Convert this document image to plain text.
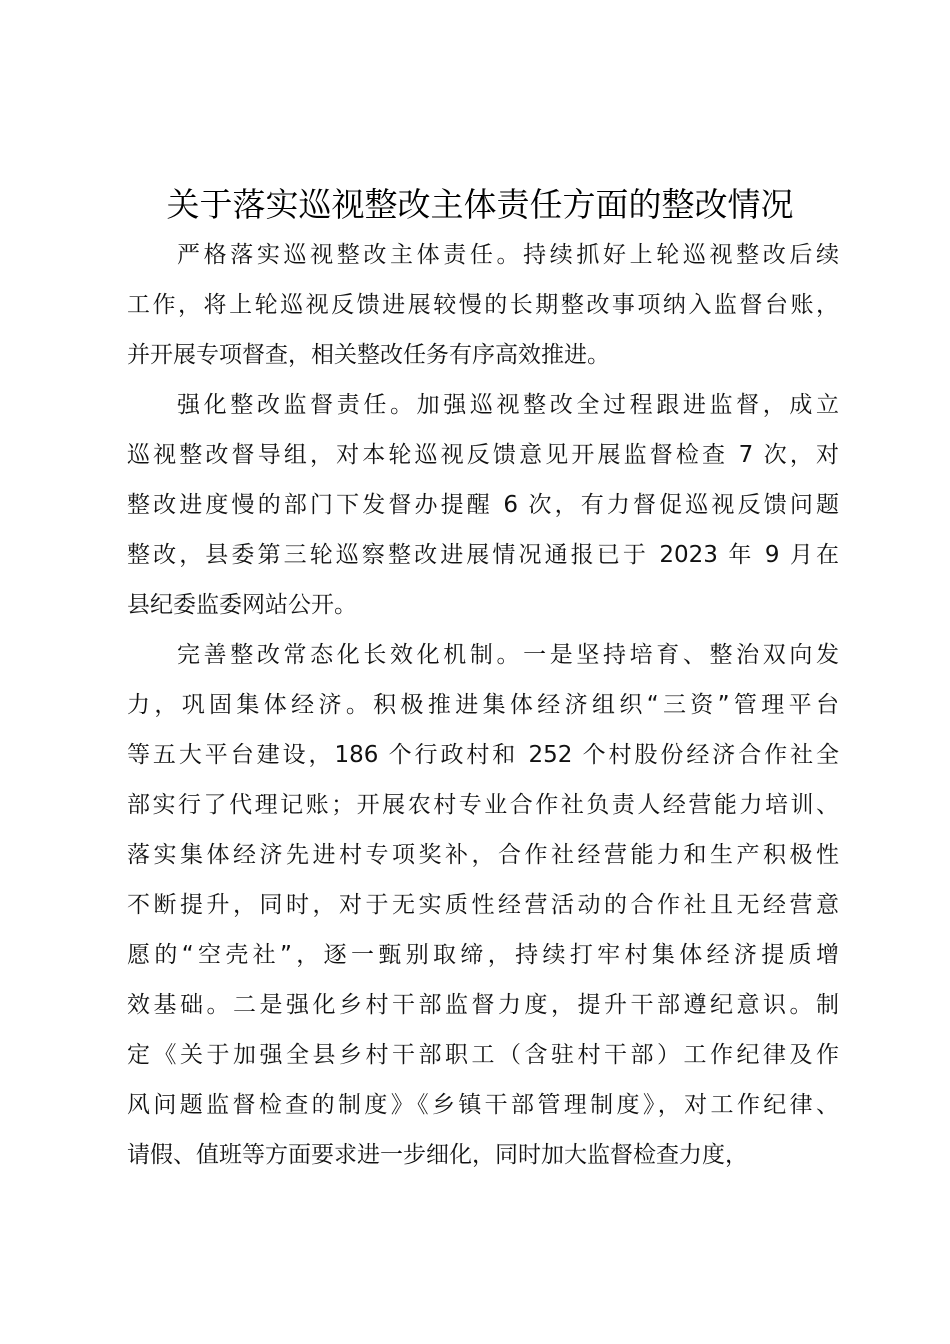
关于落实巡视整改主体责任方面的整改情况

严格落实巡视整改主体责任。持续抓好上轮巡视整改后续
工作，将上轮巡视反馈进展较慢的长期整改事项纳入监督台账，
并开展专项督查，相关整改任务有序高效推进。

强化整改监督责任。加强巡视整改全过程跟进监督，成立
巡视整改督导组，对本轮巡视反馈意见开展监督检查 7 次，对
整改进度慢的部门下发督办提醒 6 次，有力督促巡视反馈问题
整改，县委第三轮巡察整改进展情况通报已于 2023 年 9 月在
县纪委监委网站公开。

完善整改常态化长效化机制。一是坚持培育、整治双向发
力，巩固集体经济。积极推进集体经济组织“三资”管理平台
等五大平台建设，186 个行政村和 252 个村股份经济合作社全
部实行了代理记账；开展农村专业合作社负责人经营能力培训、
落实集体经济先进村专项奖补，合作社经营能力和生产积极性
不断提升，同时，对于无实质性经营活动的合作社且无经营意
愿的“空壳社”，逐一甄别取缔，持续打牢村集体经济提质增
效基础。二是强化乡村干部监督力度，提升干部遵纪意识。制
定《关于加强全县乡村干部职工（含驻村干部）工作纪律及作
风问题监督检查的制度》《乡镇干部管理制度》，对工作纪律、
请假、值班等方面要求进一步细化，同时加大监督检查力度，
